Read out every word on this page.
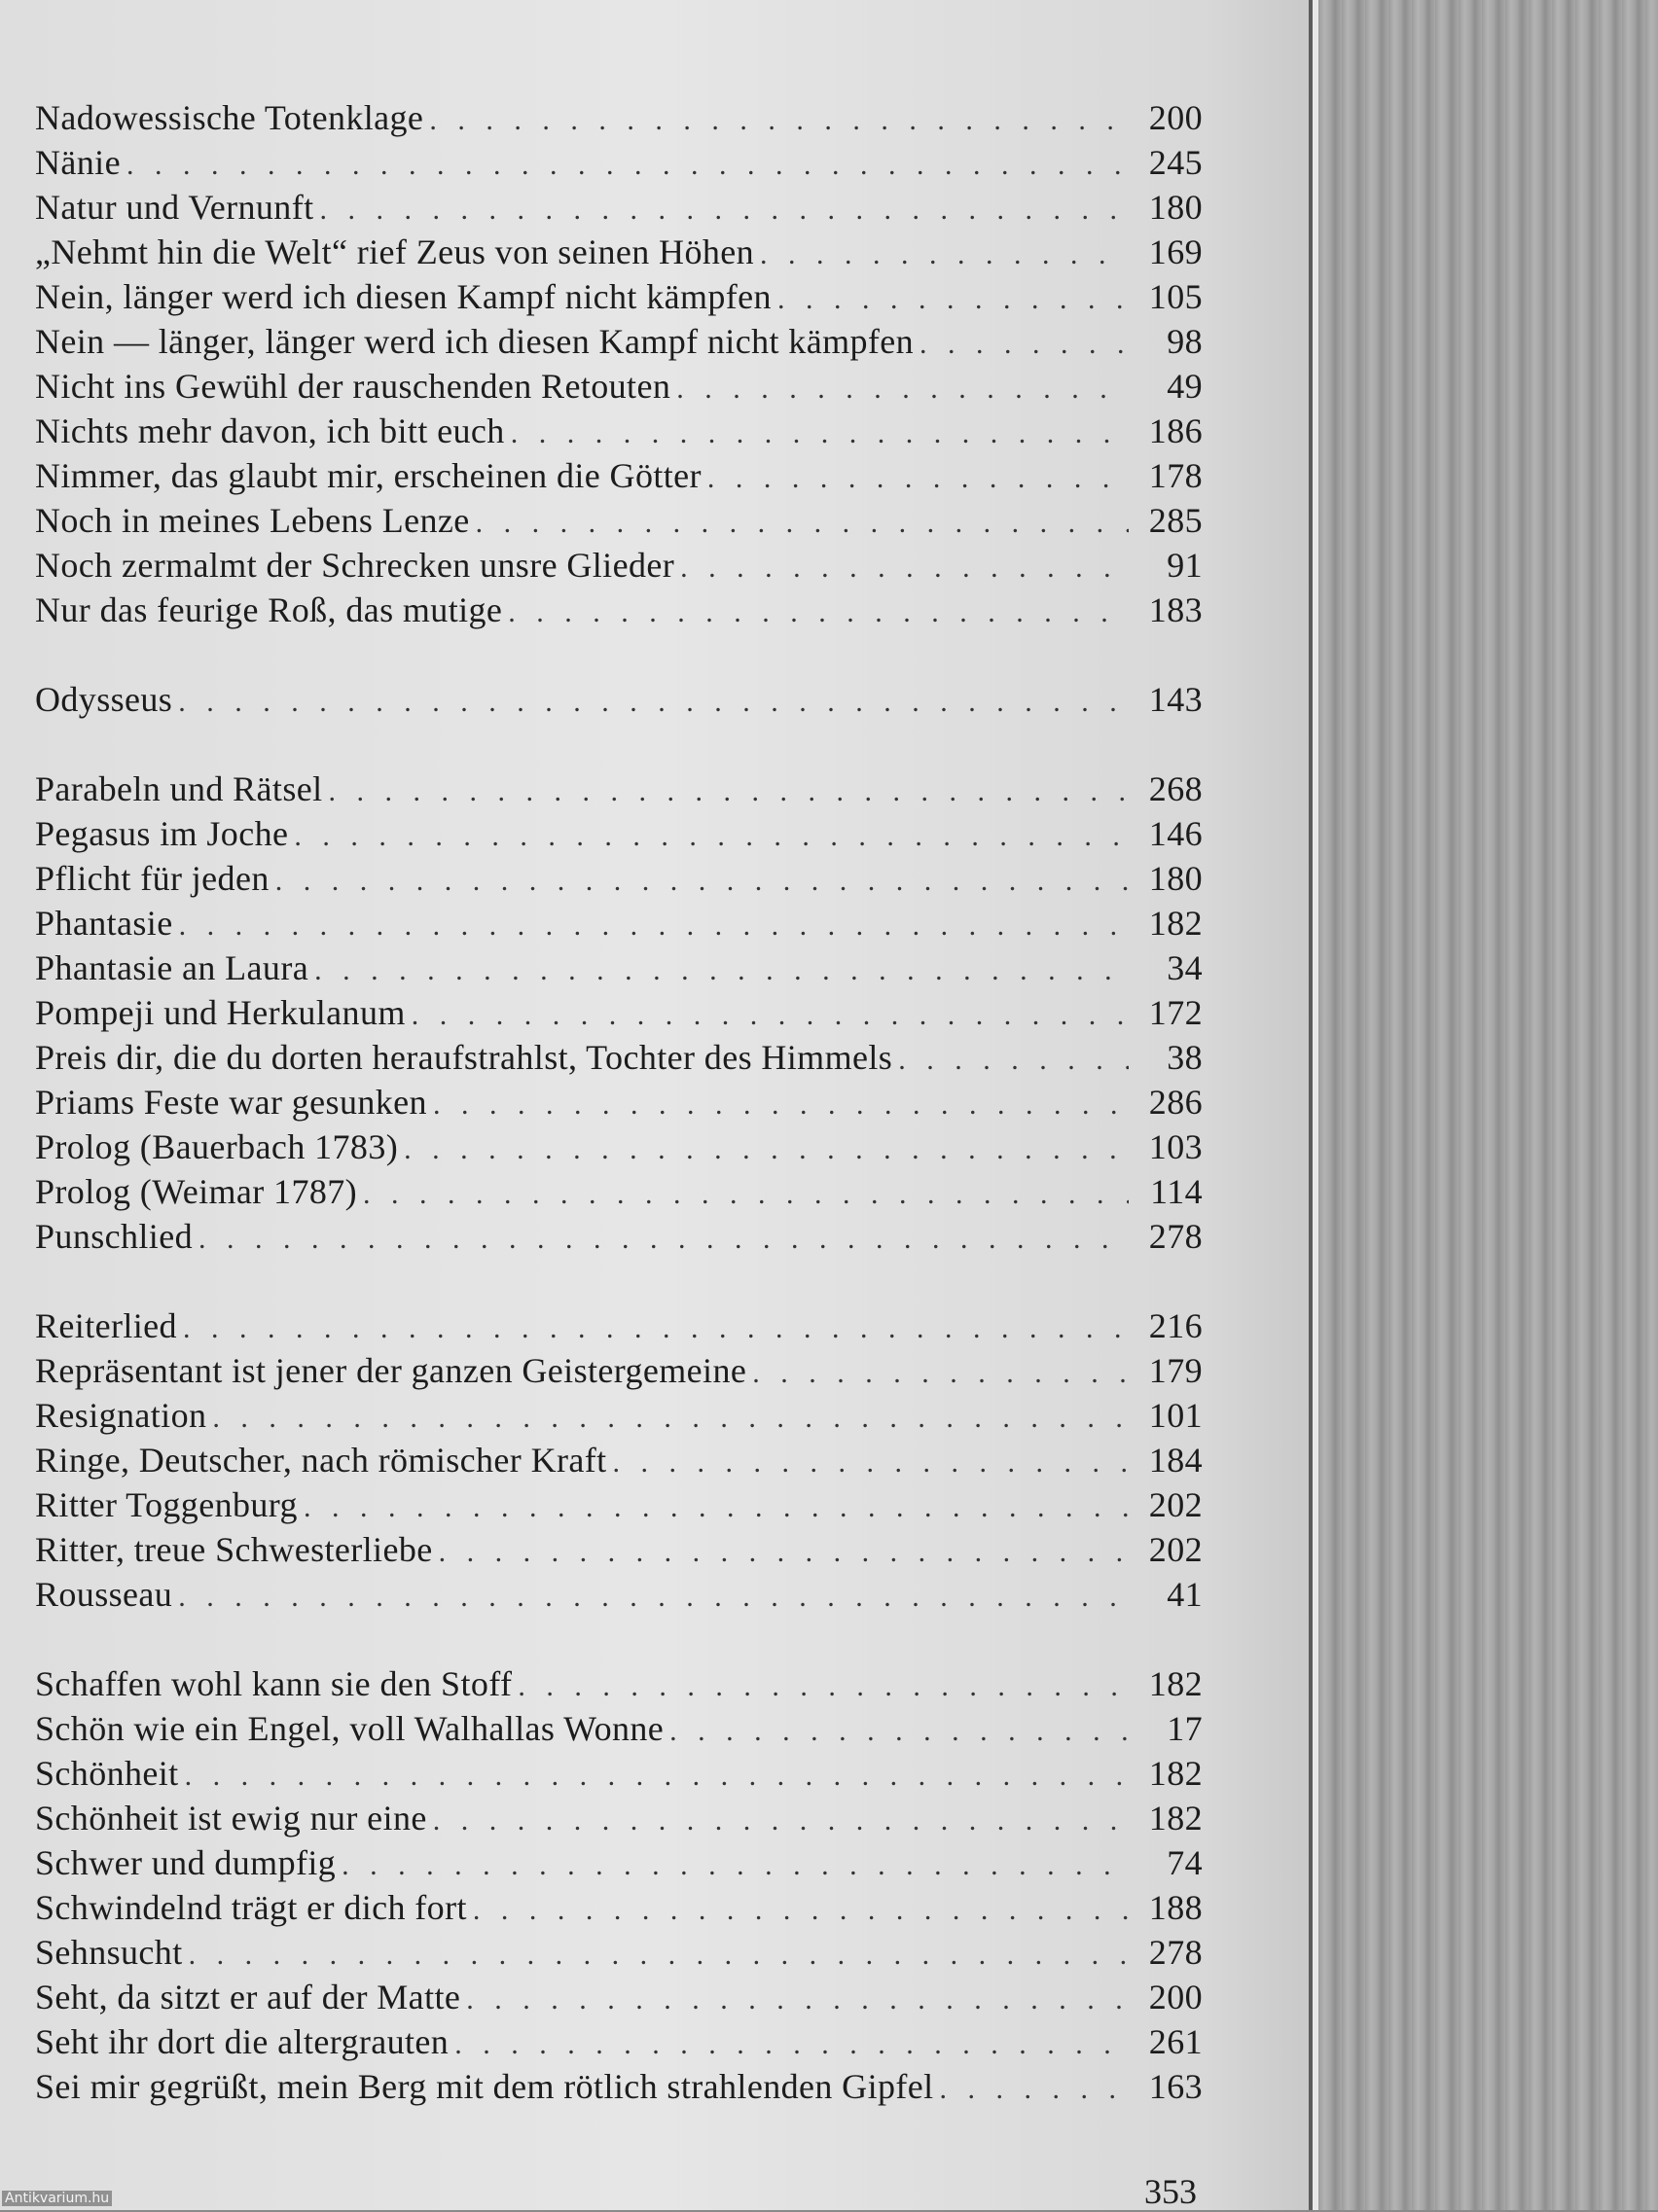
Nadowessische Totenklage . . .	200
Nänie . . .	245
Natur und Vernunft . . .	180
„Nehmt hin die Welt“ rief Zeus von seinen Höhen . . .	169
Nein, länger werd ich diesen Kampf nicht kämpfen . . .	105
Nein — länger, länger werd ich diesen Kampf nicht kämpfen . . .	98
Nicht ins Gewühl der rauschenden Retouten . . .	49
Nichts mehr davon, ich bitt euch . . .	186
Nimmer, das glaubt mir, erscheinen die Götter . . .	178
Noch in meines Lebens Lenze . . .	285
Noch zermalmt der Schrecken unsre Glieder . . .	91
Nur das feurige Roß, das mutige . . .	183
Odysseus . . .	143
Parabeln und Rätsel . . .	268
Pegasus im Joche . . .	146
Pflicht für jeden . . .	180
Phantasie . . .	182
Phantasie an Laura . . .	34
Pompeji und Herkulanum . . .	172
Preis dir, die du dorten heraufstrahlst, Tochter des Himmels . . .	38
Priams Feste war gesunken . . .	286
Prolog (Bauerbach 1783) . . .	103
Prolog (Weimar 1787) . . .	114
Punschlied . . .	278
Reiterlied . . .	216
Repräsentant ist jener der ganzen Geistergemeine . . .	179
Resignation . . .	101
Ringe, Deutscher, nach römischer Kraft . . .	184
Ritter Toggenburg . . .	202
Ritter, treue Schwesterliebe . . .	202
Rousseau . . .	41
Schaffen wohl kann sie den Stoff . . .	182
Schön wie ein Engel, voll Walhallas Wonne . . .	17
Schönheit . . .	182
Schönheit ist ewig nur eine . . .	182
Schwer und dumpfig . . .	74
Schwindelnd trägt er dich fort . . .	188
Sehnsucht . . .	278
Seht, da sitzt er auf der Matte . . .	200
Seht ihr dort die altergrauten . . .	261
Sei mir gegrüßt, mein Berg mit dem rötlich strahlenden Gipfel . . .	163
353
Antikvarium.hu
